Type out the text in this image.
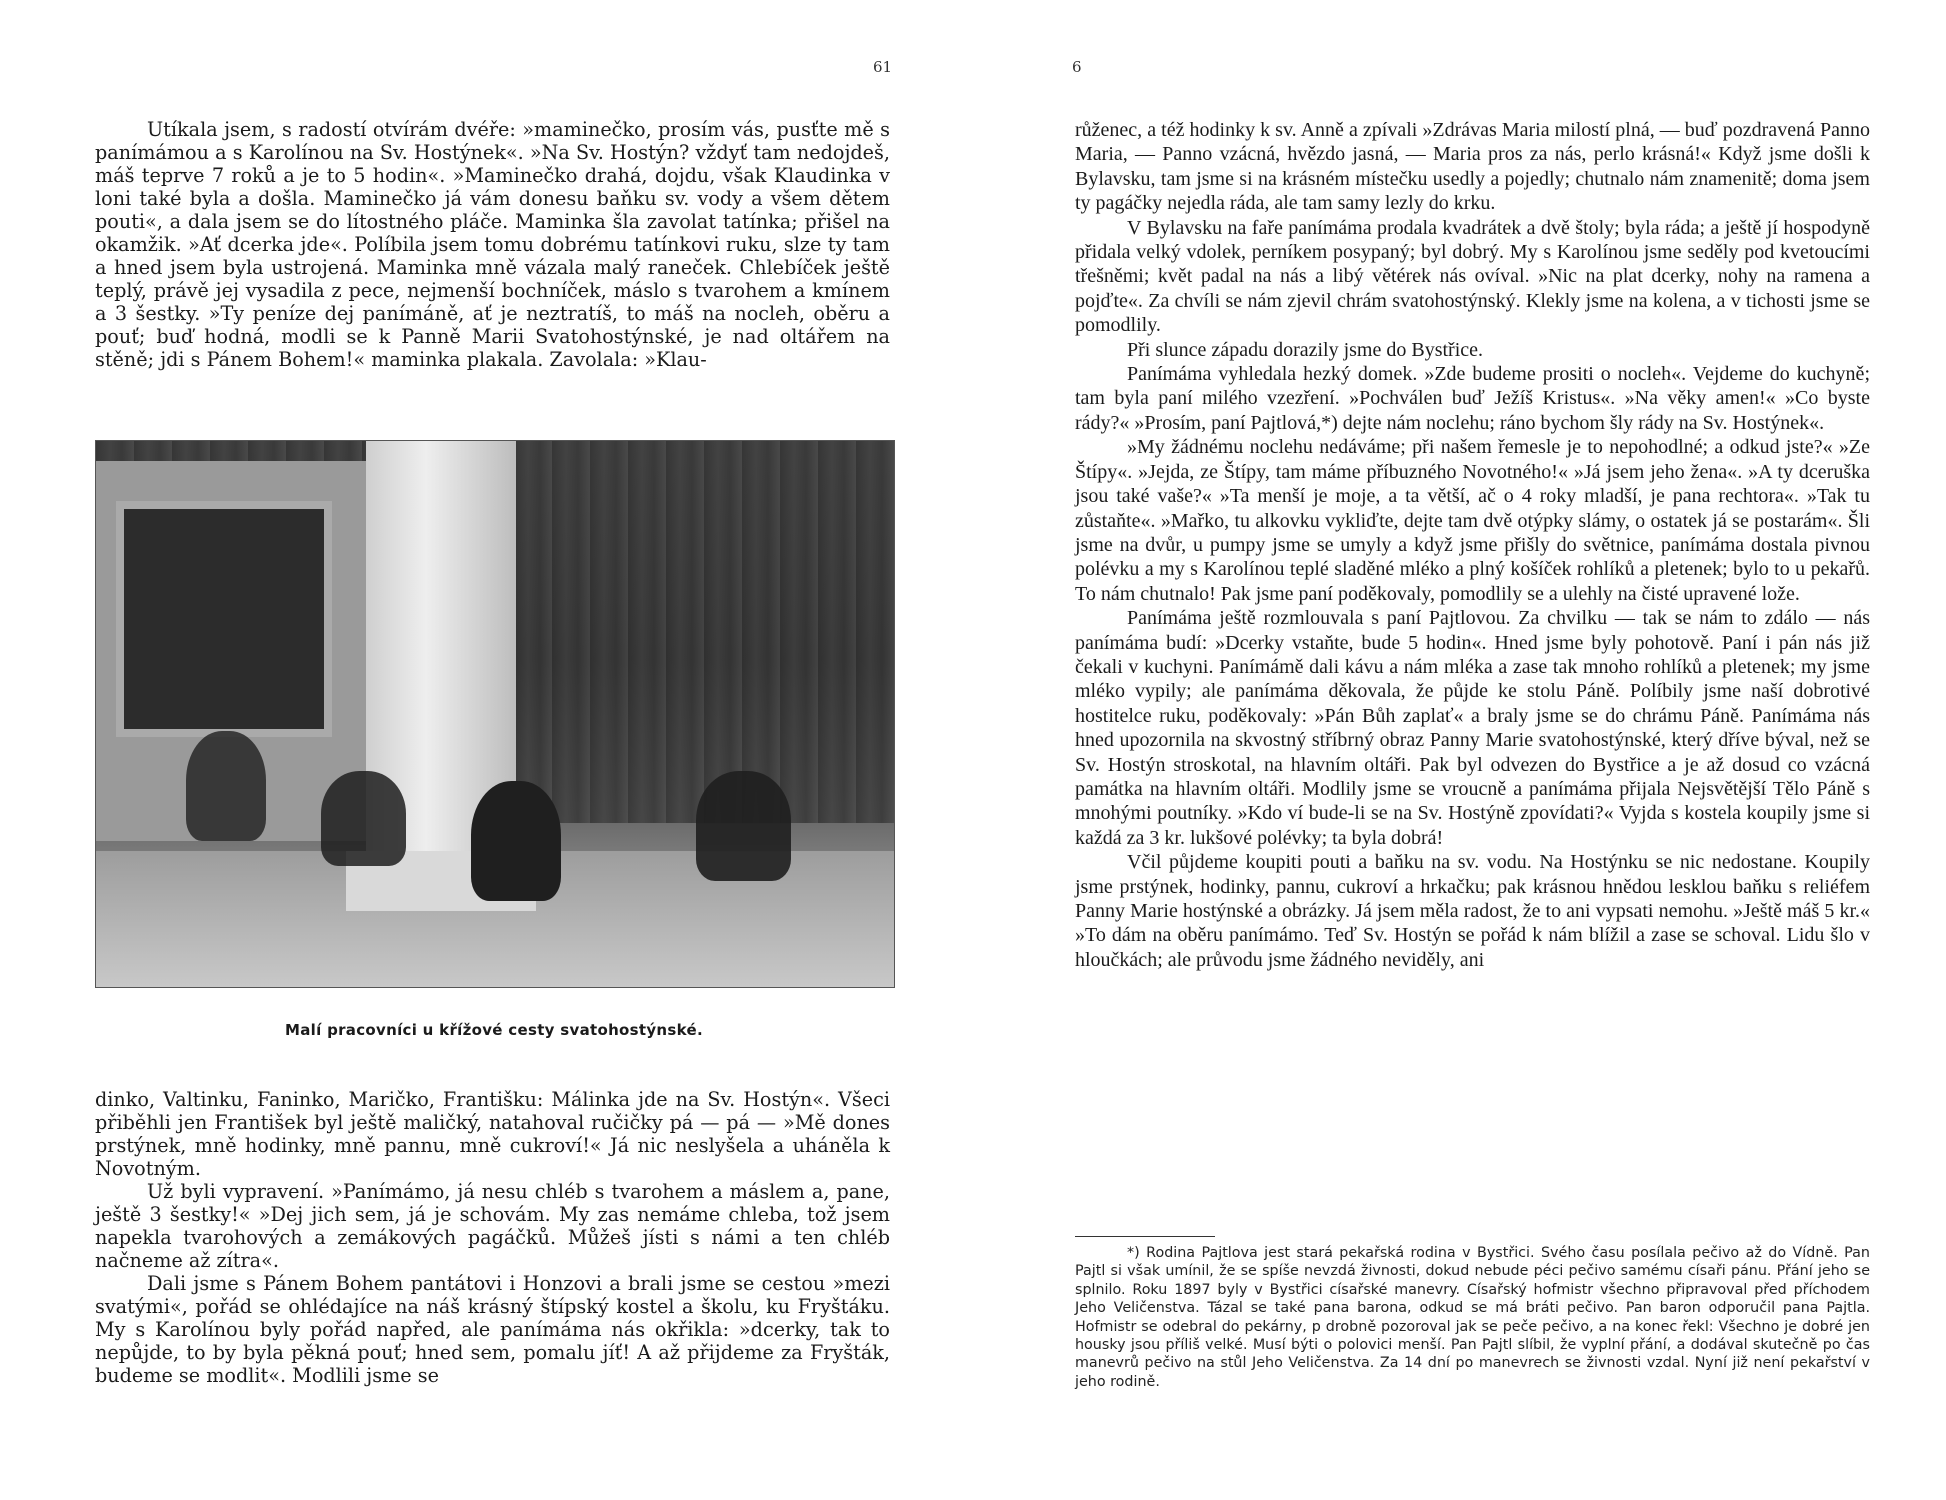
61

Utíkala jsem, s radostí otvírám dvéře: »maminečko, prosím vás, pusťte mě s panímámou a s Karolínou na Sv. Hostýnek«. »Na Sv. Hostýn? vždyť tam nedojdeš, máš teprve 7 roků a je to 5 hodin«. »Maminečko drahá, dojdu, však Klaudinka v loni také byla a došla. Maminečko já vám donesu baňku sv. vody a všem dětem pouti«, a dala jsem se do lítostného pláče. Maminka šla zavolat tatínka; přišel na okamžik. »Ať dcerka jde«. Políbila jsem tomu dobrému tatínkovi ruku, slze ty tam a hned jsem byla ustrojená. Maminka mně vázala malý raneček. Chlebíček ještě teplý, právě jej vysadila z pece, nejmenší bochníček, máslo s tvarohem a kmínem a 3 šestky. »Ty peníze dej panímáně, ať je neztratíš, to máš na nocleh, oběru a pouť; buď hodná, modli se k Panně Marii Svatohostýnské, je nad oltářem na stěně; jdi s Pánem Bohem!« maminka plakala. Zavolala: »Klau-

Malí pracovníci u křížové cesty svatohostýnské.

dinko, Valtinku, Faninko, Maričko, Františku: Málinka jde na Sv. Hostýn«. Všeci přiběhli jen František byl ještě maličký, natahoval ručičky pá — pá — »Mě dones prstýnek, mně hodinky, mně pannu, mně cukroví!« Já nic neslyšela a uháněla k Novotným.

Už byli vypravení. »Panímámo, já nesu chléb s tvarohem a máslem a, pane, ještě 3 šestky!« »Dej jich sem, já je schovám. My zas nemáme chleba, tož jsem napekla tvarohových a zemákových pagáčků. Můžeš jísti s námi a ten chléb načneme až zítra«.

Dali jsme s Pánem Bohem pantátovi i Honzovi a brali jsme se cestou »mezi svatými«, pořád se ohlédajíce na náš krásný štípský kostel a školu, ku Fryštáku. My s Karolínou byly pořád napřed, ale panímáma nás okřikla: »dcerky, tak to nepůjde, to by byla pěkná pouť; hned sem, pomalu jíť! A až přijdeme za Fryšták, budeme se modlit«. Modlili jsme se

6

růženec, a též hodinky k sv. Anně a zpívali »Zdrávas Maria milostí plná, — buď pozdravená Panno Maria, — Panno vzácná, hvězdo jasná, — Maria pros za nás, perlo krásná!« Když jsme došli k Bylavsku, tam jsme si na krásném místečku usedly a pojedly; chutnalo nám znamenitě; doma jsem ty pagáčky nejedla ráda, ale tam samy lezly do krku.

V Bylavsku na faře panímáma prodala kvadrátek a dvě štoly; byla ráda; a ještě jí hospodyně přidala velký vdolek, perníkem posypaný; byl dobrý. My s Karolínou jsme seděly pod kvetoucími třešněmi; květ padal na nás a libý větérek nás ovíval. »Nic na plat dcerky, nohy na ramena a pojďte«. Za chvíli se nám zjevil chrám svatohostýnský. Klekly jsme na kolena, a v tichosti jsme se pomodlily.

Při slunce západu dorazily jsme do Bystřice.

Panímáma vyhledala hezký domek. »Zde budeme prositi o nocleh«. Vejdeme do kuchyně; tam byla paní milého vzezření. »Pochválen buď Ježíš Kristus«. »Na věky amen!« »Co byste rády?« »Prosím, paní Pajtlová,*) dejte nám noclehu; ráno bychom šly rády na Sv. Hostýnek«.

»My žádnému noclehu nedáváme; při našem řemesle je to nepohodlné; a odkud jste?« »Ze Štípy«. »Jejda, ze Štípy, tam máme příbuzného Novotného!« »Já jsem jeho žena«. »A ty dceruška jsou také vaše?« »Ta menší je moje, a ta větší, ač o 4 roky mladší, je pana rechtora«. »Tak tu zůstaňte«. »Mařko, tu alkovku vykliďte, dejte tam dvě otýpky slámy, o ostatek já se postarám«. Šli jsme na dvůr, u pumpy jsme se umyly a když jsme přišly do světnice, panímáma dostala pivnou polévku a my s Karolínou teplé sladěné mléko a plný košíček rohlíků a pletenek; bylo to u pekařů. To nám chutnalo! Pak jsme paní poděkovaly, pomodlily se a ulehly na čisté upravené lože.

Panímáma ještě rozmlouvala s paní Pajtlovou. Za chvilku — tak se nám to zdálo — nás panímáma budí: »Dcerky vstaňte, bude 5 hodin«. Hned jsme byly pohotově. Paní i pán nás již čekali v kuchyni. Panímámě dali kávu a nám mléka a zase tak mnoho rohlíků a pletenek; my jsme mléko vypily; ale panímáma děkovala, že půjde ke stolu Páně. Políbily jsme naší dobrotivé hostitelce ruku, poděkovaly: »Pán Bůh zaplať« a braly jsme se do chrámu Páně. Panímáma nás hned upozornila na skvostný stříbrný obraz Panny Marie svatohostýnské, který dříve býval, než se Sv. Hostýn stroskotal, na hlavním oltáři. Pak byl odvezen do Bystřice a je až dosud co vzácná památka na hlavním oltáři. Modlily jsme se vroucně a panímáma přijala Nejsvětější Tělo Páně s mnohými poutníky. »Kdo ví bude-li se na Sv. Hostýně zpovídati?« Vyjda s kostela koupily jsme si každá za 3 kr. lukšové polévky; ta byla dobrá!

Včil půjdeme koupiti pouti a baňku na sv. vodu. Na Hostýnku se nic nedostane. Koupily jsme prstýnek, hodinky, pannu, cukroví a hrkačku; pak krásnou hnědou lesklou baňku s reliéfem Panny Marie hostýnské a obrázky. Já jsem měla radost, že to ani vypsati nemohu. »Ještě máš 5 kr.« »To dám na oběru panímámo. Teď Sv. Hostýn se pořád k nám blížil a zase se schoval. Lidu šlo v hloučkách; ale průvodu jsme žádného neviděly, ani

*) Rodina Pajtlova jest stará pekařská rodina v Bystřici. Svého času posílala pečivo až do Vídně. Pan Pajtl si však umínil, že se spíše nevzdá živnosti, dokud nebude péci pečivo samému císaři pánu. Přání jeho se splnilo. Roku 1897 byly v Bystřici císařské manevry. Císařský hofmistr všechno připravoval před příchodem Jeho Veličenstva. Tázal se také pana barona, odkud se má bráti pečivo. Pan baron odporučil pana Pajtla. Hofmistr se odebral do pekárny, p drobně pozoroval jak se peče pečivo, a na konec řekl: Všechno je dobré jen housky jsou příliš velké. Musí býti o polovici menší. Pan Pajtl slíbil, že vyplní přání, a dodával skutečně po čas manevrů pečivo na stůl Jeho Veličenstva. Za 14 dní po manevrech se živnosti vzdal. Nyní již není pekařství v jeho rodině.
